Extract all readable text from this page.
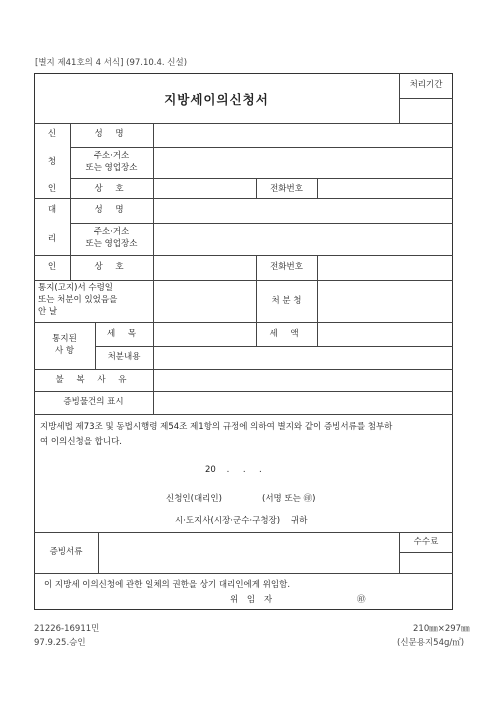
[별지 제41호의 4 서식] (97.10.4. 신설)
지방세이의신청서
처리기간
신
청
인
성 명
주소·거소
또는 영업장소
상 호	전화번호
대
리
인
성 명
주소·거소
또는 영업장소
상 호	전화번호
통지(고지)서 수령일
또는 처분이 있었음을
안 날
처 분 청
통지된
사 항
세 목	세 액
처분내용
불 복 사 유
증빙물건의 표시
지방세법 제73조 및 동법시행령 제54조 제1항의 규정에 의하여 별지와 같이 증빙서류를 첨부하
여 이의신청을 합니다.
20    .     .     .
신청인(대리인)	(서명 또는 ㊞)
시·도지사(시장·군수·구청장) 귀하
증빙서류
수수료
이 지방세 이의신청에 관한 일체의 권한을 상기 대리인에게 위임함.
위 임 자	㊞
21226-16911민
97.9.25.승인
210㎜×297㎜
(신문용지54g/㎡)
